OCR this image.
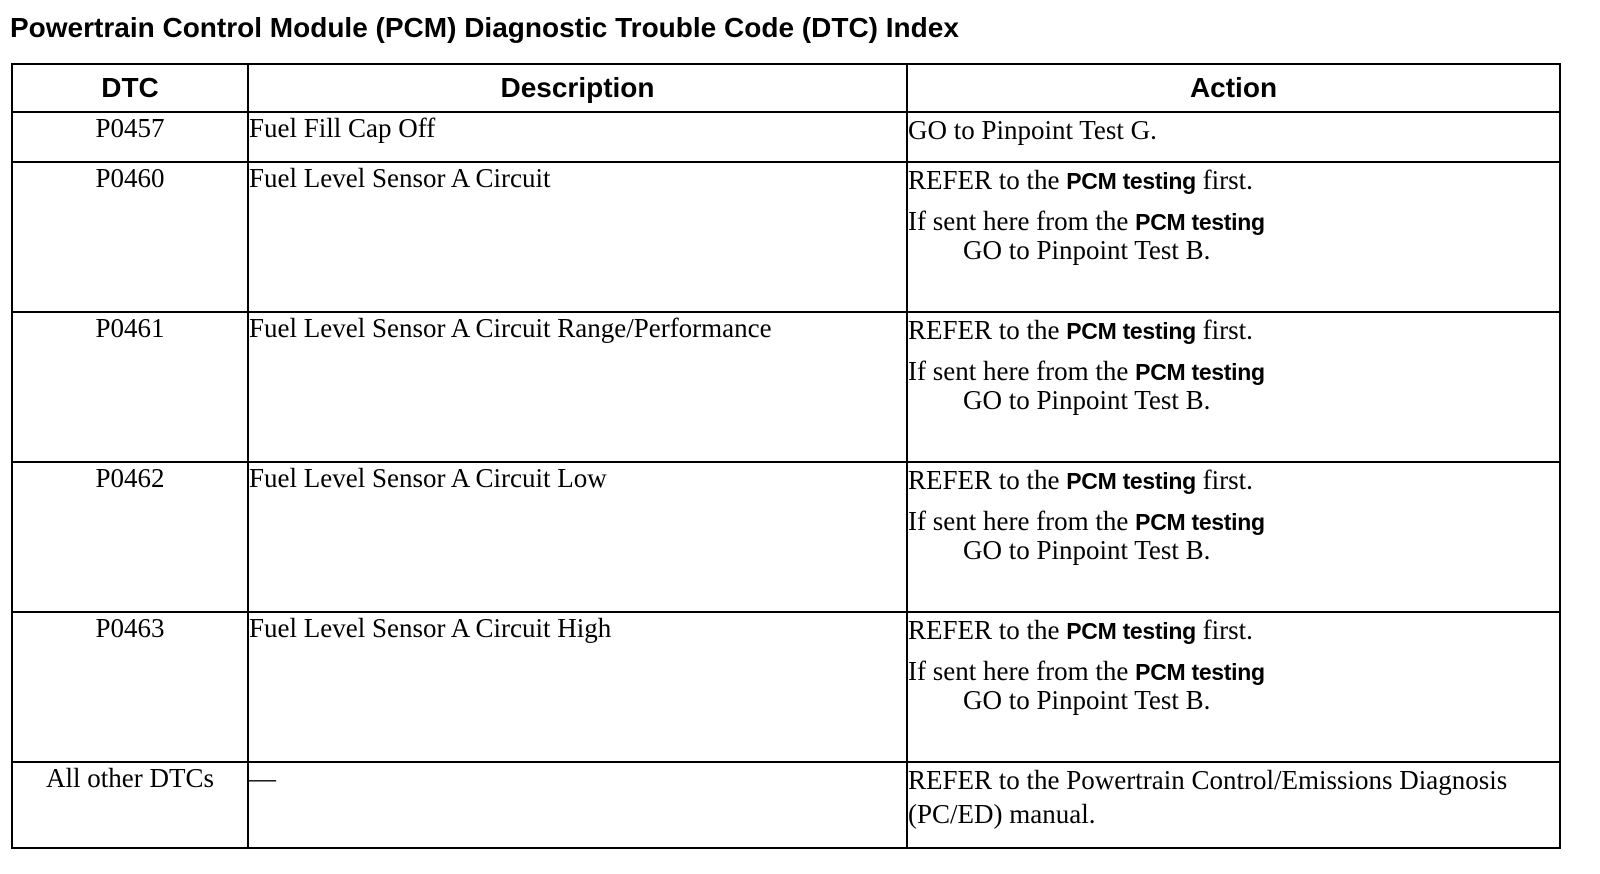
Powertrain Control Module (PCM) Diagnostic Trouble Code (DTC) Index
DTC	Description	Action
P0457	Fuel Fill Cap Off	GO to Pinpoint Test G.
P0460	Fuel Level Sensor A Circuit	REFER to the PCM testing first.
If sent here from the PCM testing
GO to Pinpoint Test B.

P0461	Fuel Level Sensor A Circuit Range/Performance	REFER to the PCM testing first.
If sent here from the PCM testing
GO to Pinpoint Test B.

P0462	Fuel Level Sensor A Circuit Low	REFER to the PCM testing first.
If sent here from the PCM testing
GO to Pinpoint Test B.

P0463	Fuel Level Sensor A Circuit High	REFER to the PCM testing first.
If sent here from the PCM testing
GO to Pinpoint Test B.

All other DTCs	—	REFER to the Powertrain Control/Emissions Diagnosis (PC/ED) manual.
